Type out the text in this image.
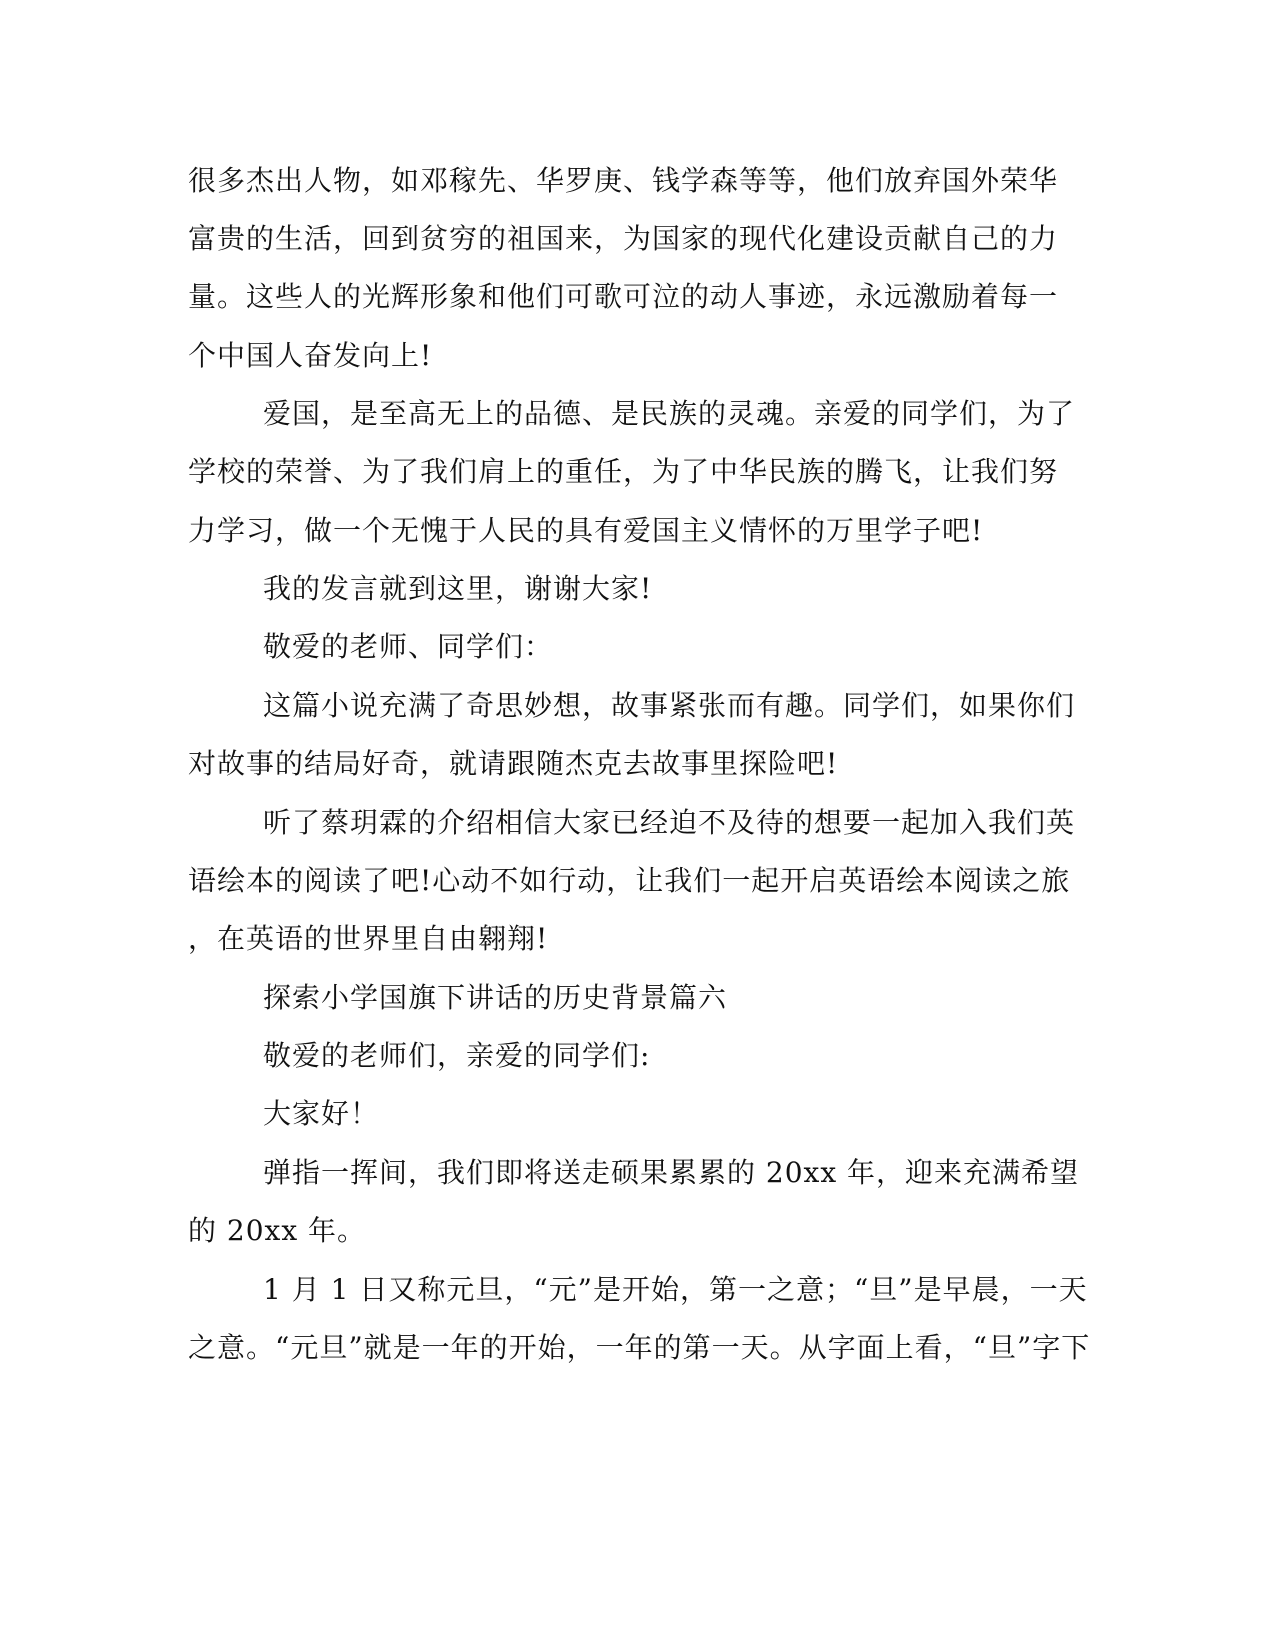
很多杰出人物，如邓稼先、华罗庚、钱学森等等，他们放弃国外荣华
富贵的生活，回到贫穷的祖国来，为国家的现代化建设贡献自己的力
量。这些人的光辉形象和他们可歌可泣的动人事迹，永远激励着每一
个中国人奋发向上!
爱国，是至高无上的品德、是民族的灵魂。亲爱的同学们，为了
学校的荣誉、为了我们肩上的重任，为了中华民族的腾飞，让我们努
力学习，做一个无愧于人民的具有爱国主义情怀的万里学子吧!
我的发言就到这里，谢谢大家!
敬爱的老师、同学们：
这篇小说充满了奇思妙想，故事紧张而有趣。同学们，如果你们
对故事的结局好奇，就请跟随杰克去故事里探险吧!
听了蔡玥霖的介绍相信大家已经迫不及待的想要一起加入我们英
语绘本的阅读了吧!心动不如行动，让我们一起开启英语绘本阅读之旅
，在英语的世界里自由翱翔!
探索小学国旗下讲话的历史背景篇六
敬爱的老师们，亲爱的同学们:
大家好！
弹指一挥间，我们即将送走硕果累累的 20xx 年，迎来充满希望
的 20xx 年。
1 月 1 日又称元旦，“元”是开始，第一之意；“旦”是早晨，一天
之意。“元旦”就是一年的开始，一年的第一天。从字面上看，“旦”字下
